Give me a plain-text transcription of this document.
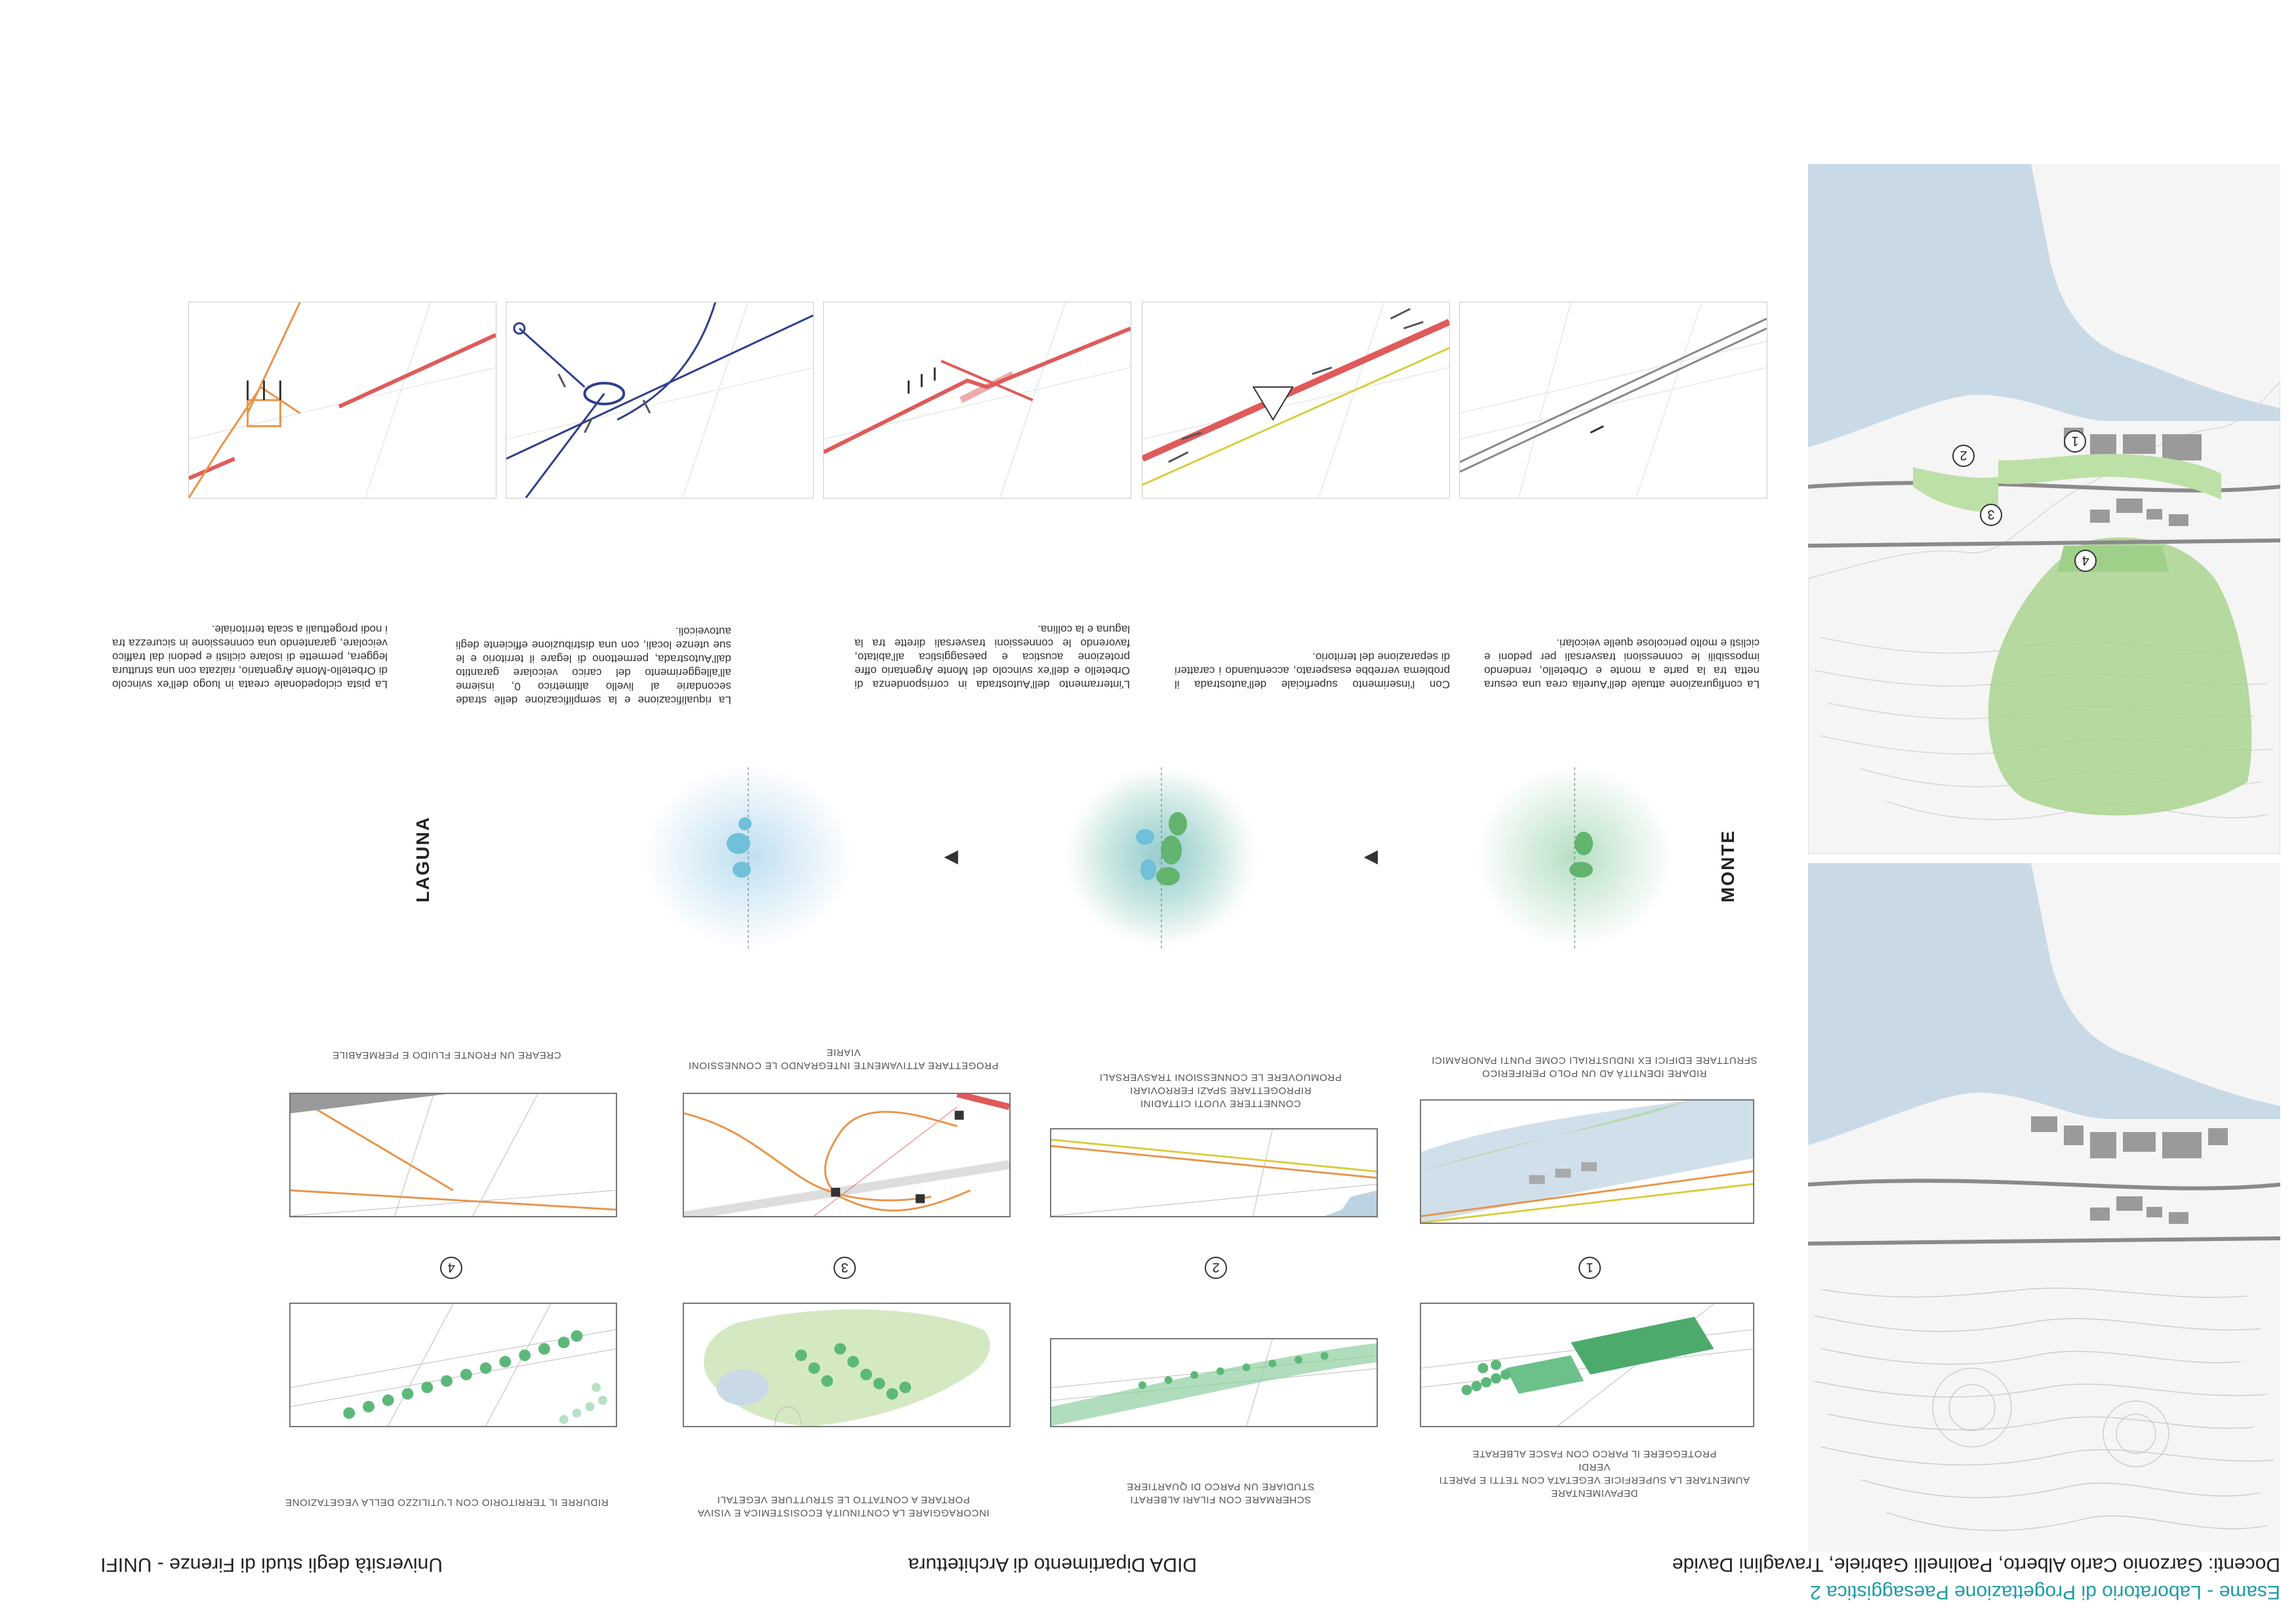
Esame - Laboratorio di Progettazione Paesaggistica 2
Docenti: Garzonio Carlo Alberto, Paolinelli Gabriele, Travaglini Davide
DIDA Dipartimento di Architettura
Università degli studi di Firenze - UNIFI
1
2
3
4
DEPAVIMENTARE
AUMENTARE LA SUPERFICIE VEGETATA CON TETTI E PARETI VERDI
PROTEGGERE IL PARCO CON FASCE ALBERATE
1
RIDARE IDENTITÀ AD UN POLO PERIFERICO
SFRUTTARE EDIFICI EX INDUSTRIALI COME PUNTI PANORAMICI
SCHERMARE CON FILARI ALBERATI
STUDIARE UN PARCO DI QUARTIERE
2
CONNETTERE VUOTI CITTADINI
RIPROGETTARE SPAZI FERROVIARI
PROMUOVERE LE CONNESSIONI TRASVERSALI
INCORAGGIARE LA CONTINUITÀ ECOSISTEMICA E VISIVA
PORTARE A CONTATTO LE STRUTTURE VEGETALI
3
PROGETTARE ATTIVAMENTE INTEGRANDO LE CONNESSIONI VIARIE
RIDURRE IL TERRITORIO CON L'UTILIZZO DELLA VEGETAZIONE
4
CREARE UN FRONTE FLUIDO E PERMEABILE
MONTE
▶
▶
LAGUNA
La configurazione attuale dell'Aurelia crea una cesura netta tra la parte a monte e Orbetello, rendendo impossibili le connessioni trasversali per pedoni e ciclisti e molto pericolose quelle veicolari.
Con l'inserimento superficiale dell'autostrada il problema verrebbe esasperato, accentuando i caratteri di separazione del territorio.
L'interramento dell'Autostrada in corrispondenza di Orbetello e dell'ex svincolo del Monte Argentario offre protezione acustica e paesaggistica all'abitato, favorendo le connessioni trasversali dirette tra la laguna e la collina.
La riqualificazione e la semplificazione delle strade secondarie al livello altimetrico 0, insieme all'alleggerimento del carico veicolare garantito dall'Autostrada, permettono di legare il territorio e le sue utenze locali, con una distribuzione efficiente degli autoveicoli.
La pista ciclopedonale creata in luogo dell'ex svincolo di Orbetello-Monte Argentario, rialzata con una struttura leggera, permette di isolare ciclisti e pedoni dal traffico veicolare, garantendo una connessione in sicurezza tra i nodi progettuali a scala territoriale.
